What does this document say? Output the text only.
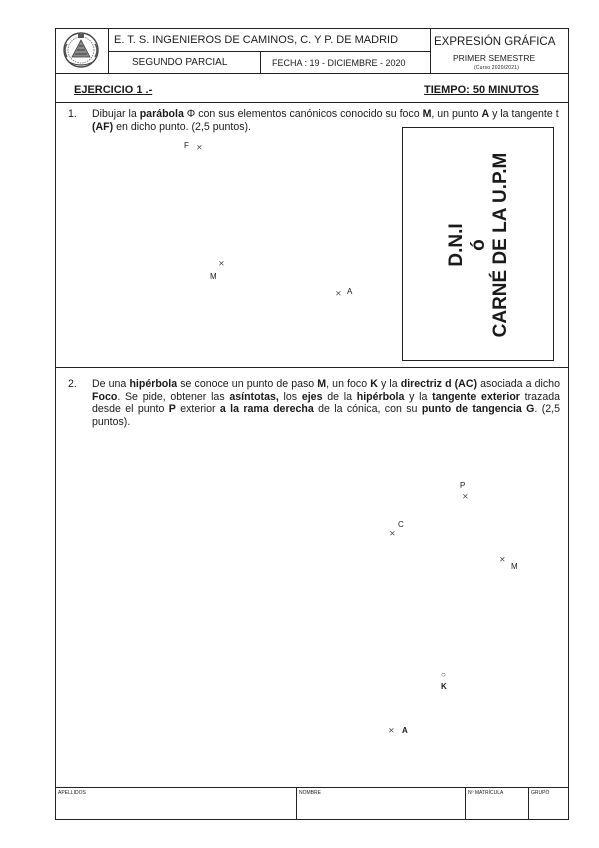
E. T. S. INGENIEROS DE CAMINOS, C. Y P. DE MADRID	EXPRESIÓN GRÁFICA
SEGUNDO PARCIAL	FECHA : 19 - DICIEMBRE - 2020	PRIMER SEMESTRE
(Curso 2020/2021)
EJERCICIO 1 .-	TIEMPO: 50 MINUTOS
1. Dibujar la parábola Φ con sus elementos canónicos conocido su foco M, un punto A y la tangente t (AF) en dicho punto. (2,5 puntos).
F ⨯
⨯
M
⨯ A
D.N.I ó CARNÉ DE LA U.P.M
2. De una hipérbola se conoce un punto de paso M, un foco K y la directriz d (AC) asociada a dicho Foco. Se pide, obtener las asíntotas, los ejes de la hipérbola y la tangente exterior trazada desde el punto P exterior a la rama derecha de la cónica, con su punto de tangencia G. (2,5 puntos).
P
⨯
C
⨯
⨯
M
○
K
⨯ A
APELLIDOS	NOMBRE	Nº MATRÍCULA	GRUPO
